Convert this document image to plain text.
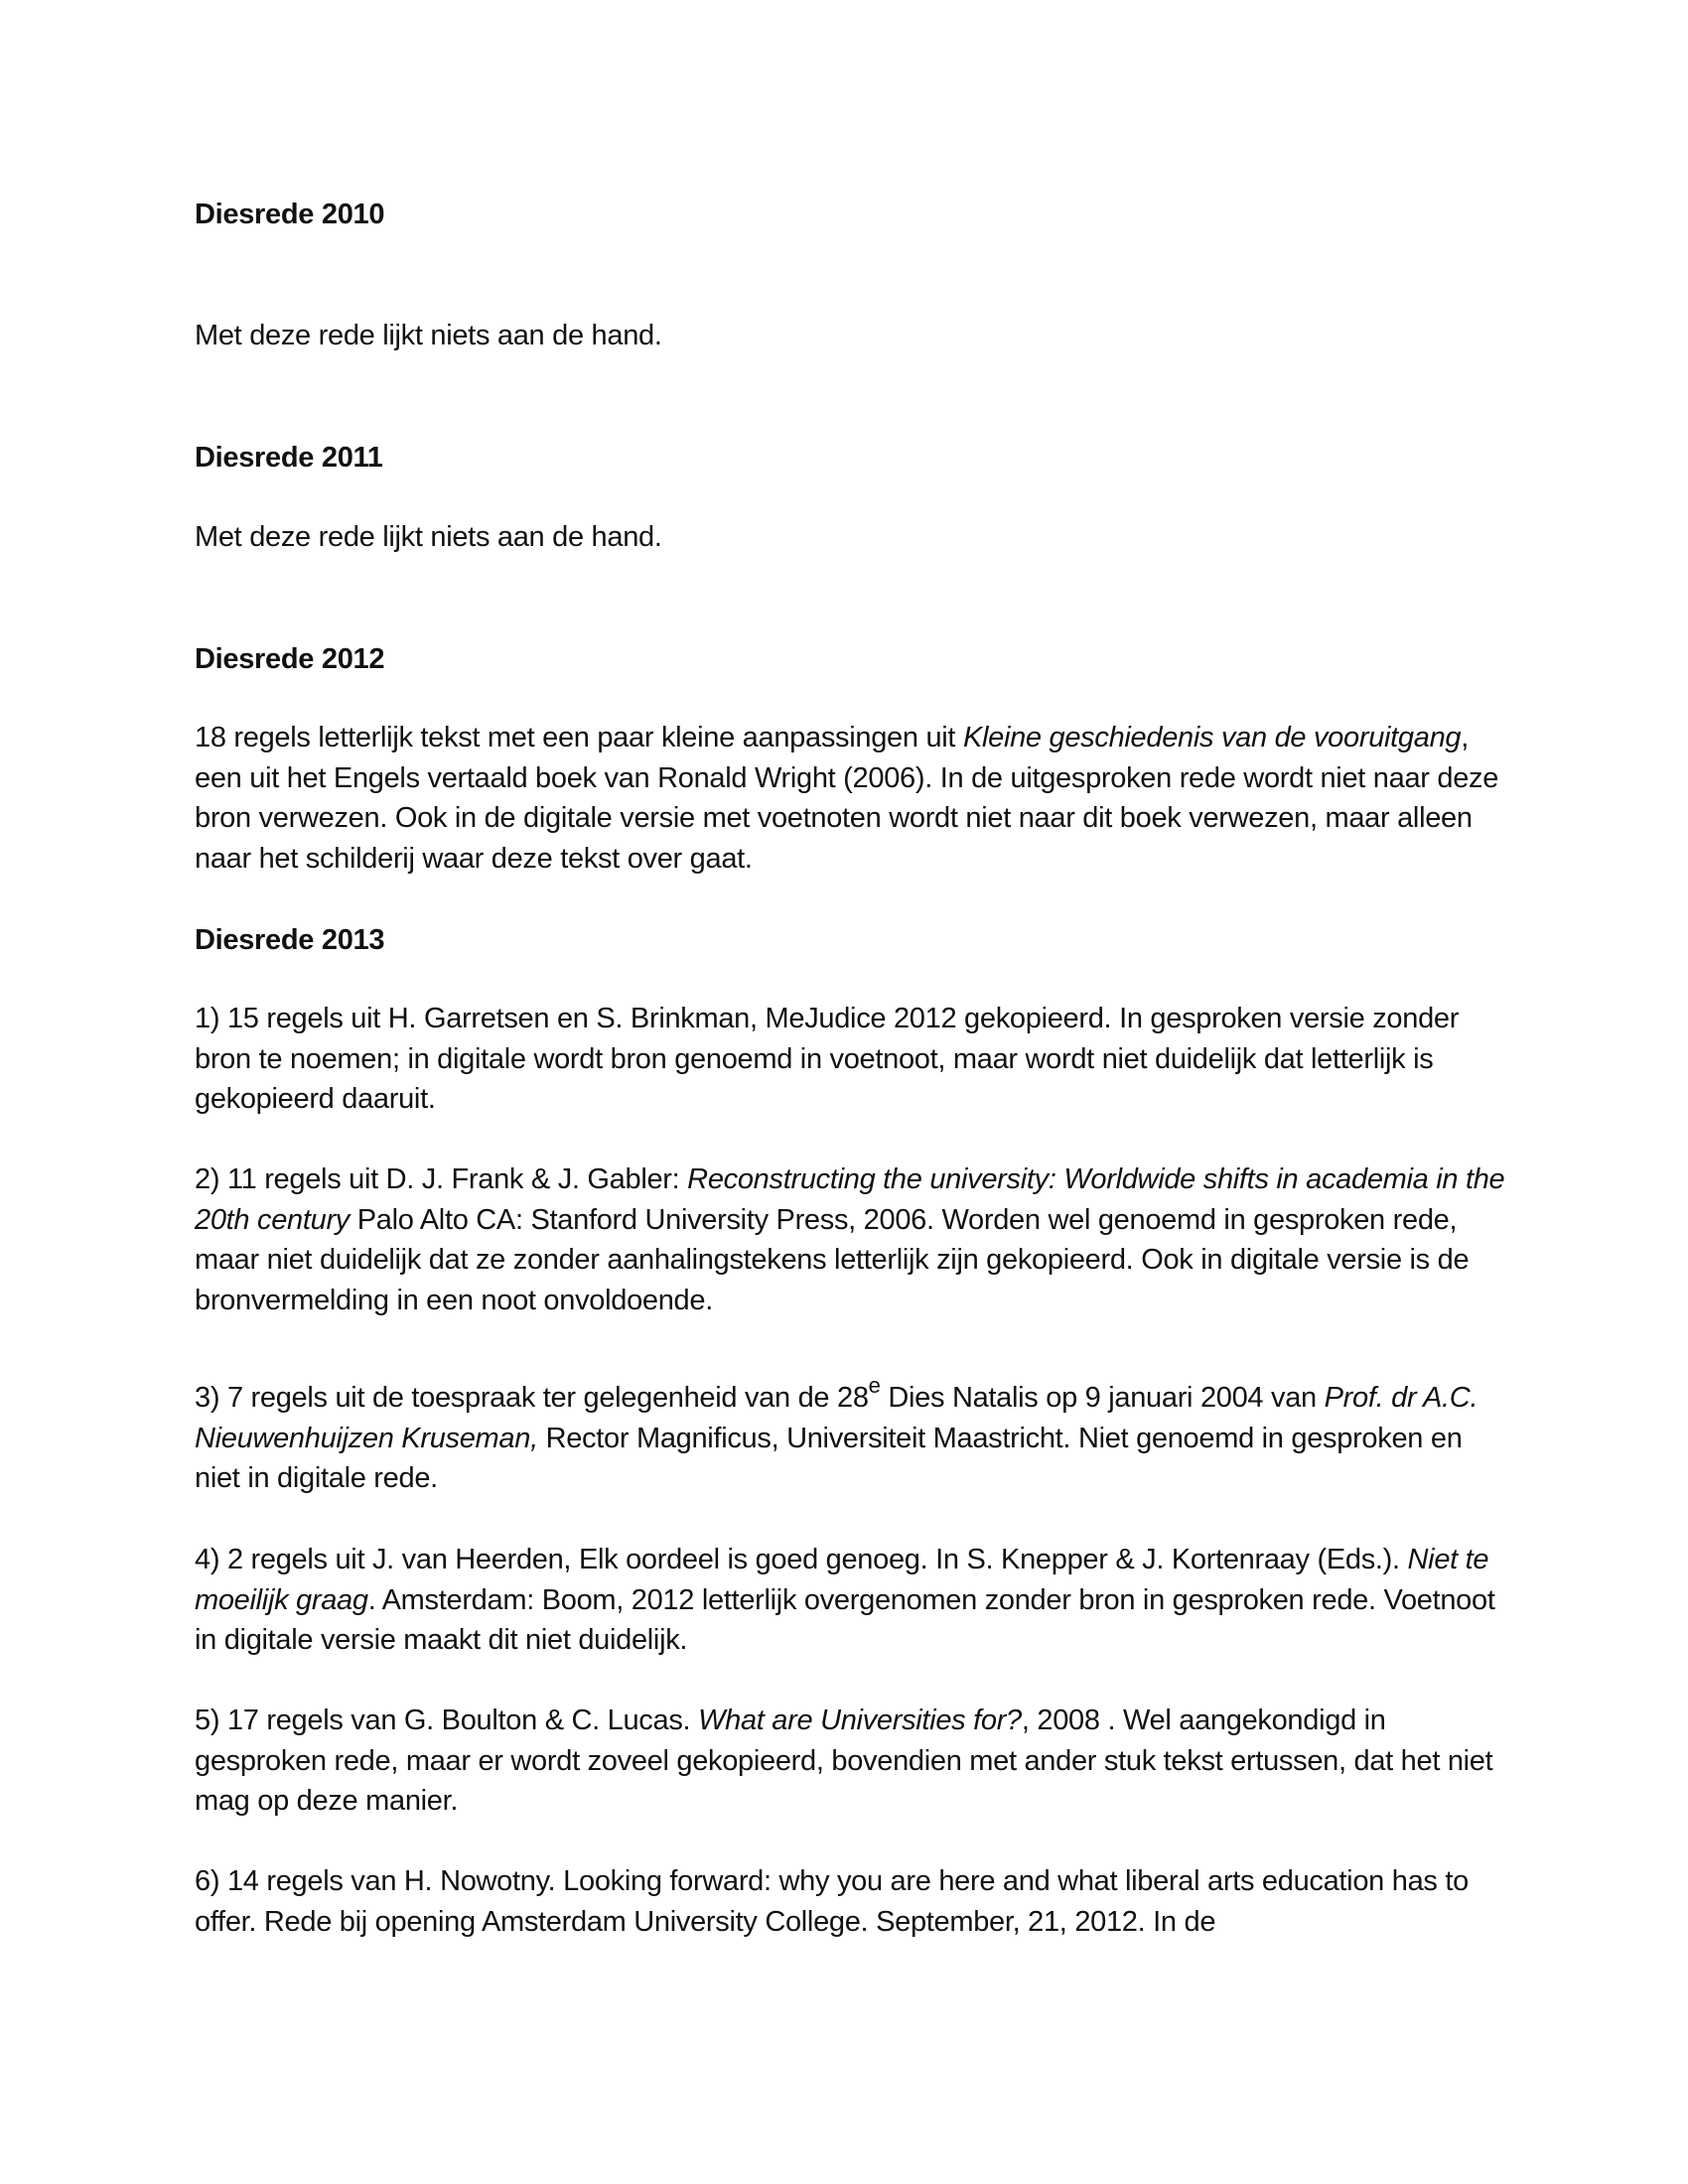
Diesrede 2010

Met deze rede lijkt niets aan de hand.

Diesrede 2011

Met deze rede lijkt niets aan de hand.

Diesrede 2012

18 regels letterlijk tekst met een paar kleine aanpassingen uit Kleine geschiedenis van de vooruitgang, een uit het Engels vertaald boek van Ronald Wright (2006). In de uitgesproken rede wordt niet naar deze bron verwezen. Ook in de digitale versie met voetnoten wordt niet naar dit boek verwezen, maar alleen naar het schilderij waar deze tekst over gaat.

Diesrede 2013

1) 15 regels uit H. Garretsen en S. Brinkman, MeJudice 2012 gekopieerd. In gesproken versie zonder bron te noemen; in digitale wordt bron genoemd in voetnoot, maar wordt niet duidelijk dat letterlijk is gekopieerd daaruit.

2) 11 regels uit D. J. Frank & J. Gabler: Reconstructing the university: Worldwide shifts in academia in the 20th century Palo Alto CA: Stanford University Press, 2006. Worden wel genoemd in gesproken rede, maar niet duidelijk dat ze zonder aanhalingstekens letterlijk zijn gekopieerd. Ook in digitale versie is de bronvermelding in een noot onvoldoende.

3) 7 regels uit de toespraak ter gelegenheid van de 28e Dies Natalis op 9 januari 2004 van Prof. dr A.C. Nieuwenhuijzen Kruseman, Rector Magnificus, Universiteit Maastricht. Niet genoemd in gesproken en niet in digitale rede.

4) 2 regels uit J. van Heerden, Elk oordeel is goed genoeg. In S. Knepper & J. Kortenraay (Eds.). Niet te moeilijk graag. Amsterdam: Boom, 2012 letterlijk overgenomen zonder bron in gesproken rede. Voetnoot in digitale versie maakt dit niet duidelijk.

5) 17 regels van G. Boulton & C. Lucas. What are Universities for?, 2008 . Wel aangekondigd in gesproken rede, maar er wordt zoveel gekopieerd, bovendien met ander stuk tekst ertussen, dat het niet mag op deze manier.

6) 14 regels van H. Nowotny. Looking forward: why you are here and what liberal arts education has to offer. Rede bij opening Amsterdam University College. September, 21, 2012. In de
